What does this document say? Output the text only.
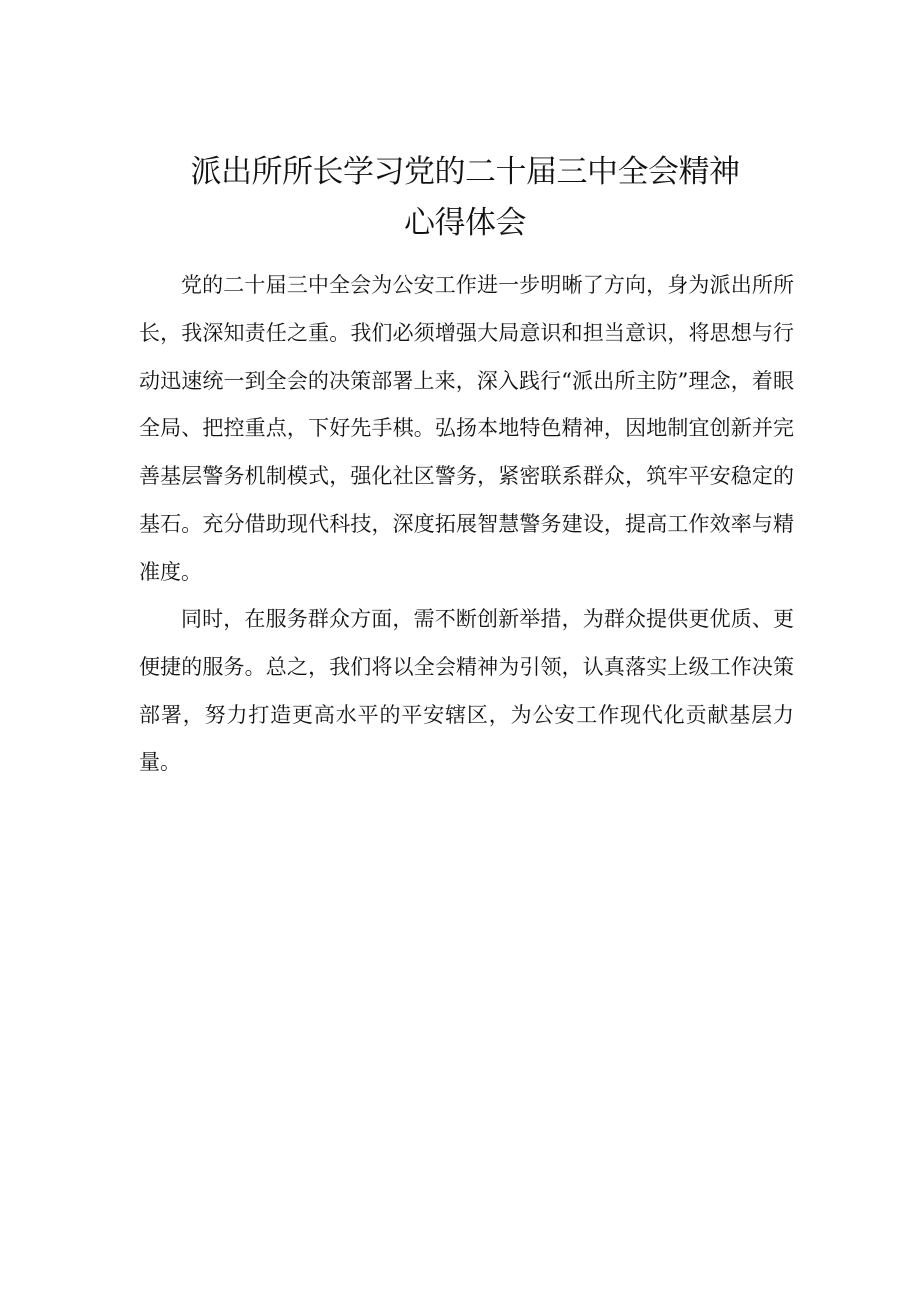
派出所所长学习党的二十届三中全会精神
心得体会

党的二十届三中全会为公安工作进一步明晰了方向，身为派出所所长，我深知责任之重。我们必须增强大局意识和担当意识，将思想与行动迅速统一到全会的决策部署上来，深入践行“派出所主防”理念，着眼全局、把控重点，下好先手棋。弘扬本地特色精神，因地制宜创新并完善基层警务机制模式，强化社区警务，紧密联系群众，筑牢平安稳定的基石。充分借助现代科技，深度拓展智慧警务建设，提高工作效率与精准度。

同时，在服务群众方面，需不断创新举措，为群众提供更优质、更便捷的服务。总之，我们将以全会精神为引领，认真落实上级工作决策部署，努力打造更高水平的平安辖区，为公安工作现代化贡献基层力量。
